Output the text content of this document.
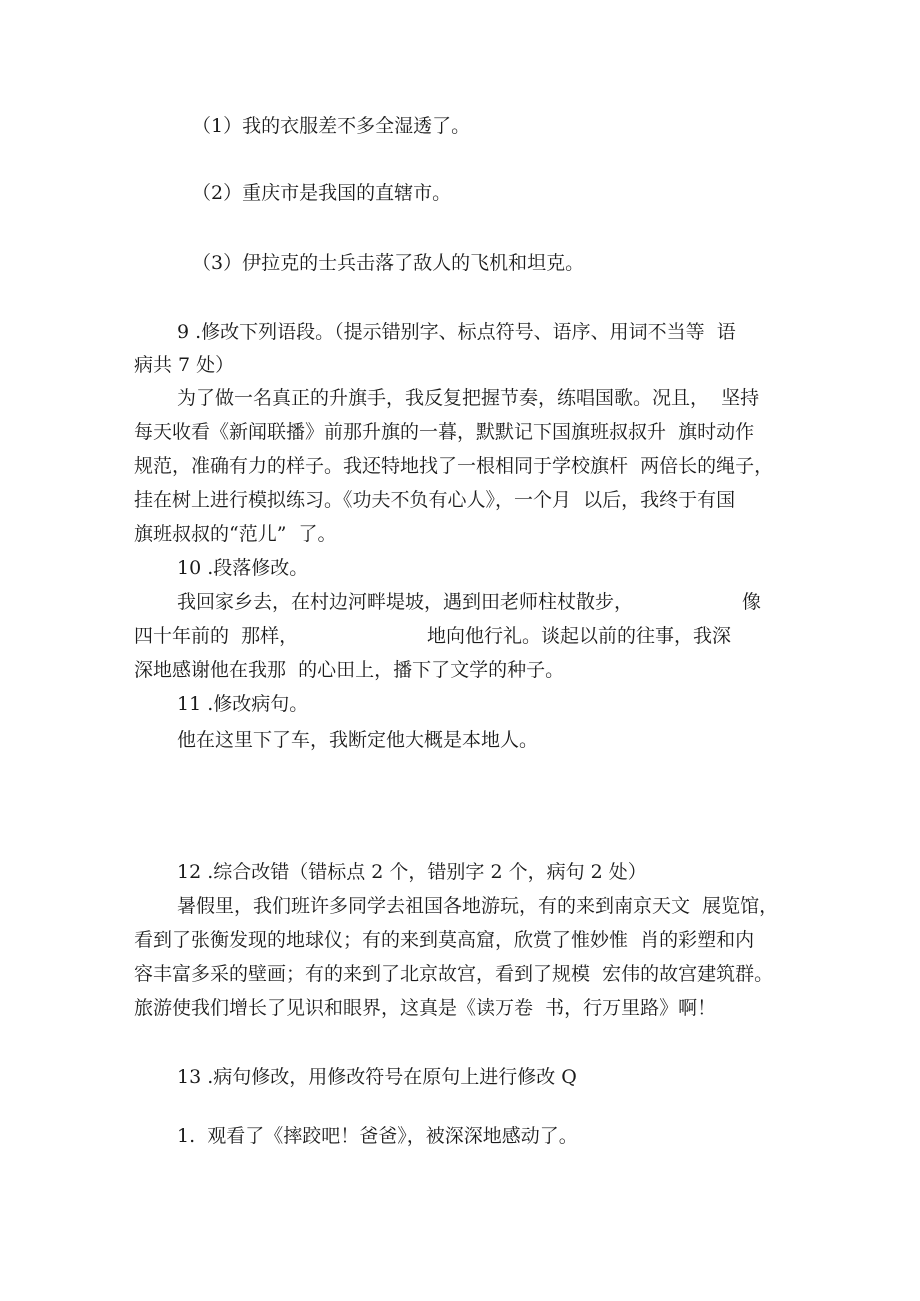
（1）我的衣服差不多全湿透了。
（2）重庆市是我国的直辖市。
（3）伊拉克的士兵击落了敌人的飞机和坦克。
9 .修改下列语段。（提示错别字、标点符号、语序、用词不当等  语
病共 7 处）
为了做一名真正的升旗手，我反复把握节奏，练唱国歌。况且，  坚持
每天收看《新闻联播》前那升旗的一暮，默默记下国旗班叔叔升  旗时动作
规范，准确有力的样子。我还特地找了一根相同于学校旗杆  两倍长的绳子，
挂在树上进行模拟练习。《功夫不负有心人》，一个月  以后，我终于有国
旗班叔叔的“范儿”  了。
10 .段落修改。
我回家乡去，在村边河畔堤坡，遇到田老师柱杖散步，	像
四十年前的  那样，	地向他行礼。谈起以前的往事，我深
深地感谢他在我那  的心田上，播下了文学的种子。
11 .修改病句。
他在这里下了车，我断定他大概是本地人。
12 .综合改错（错标点 2 个，错别字 2 个，病句 2 处）
暑假里，我们班许多同学去祖国各地游玩，有的来到南京天文  展览馆，
看到了张衡发现的地球仪；有的来到莫高窟，欣赏了惟妙惟  肖的彩塑和内
容丰富多采的壁画；有的来到了北京故宫，看到了规模  宏伟的故宫建筑群。
旅游使我们增长了见识和眼界，这真是《读万卷  书，行万里路》啊！
13 .病句修改，用修改符号在原句上进行修改 Q
1.  观看了《摔跤吧！爸爸》，被深深地感动了。
